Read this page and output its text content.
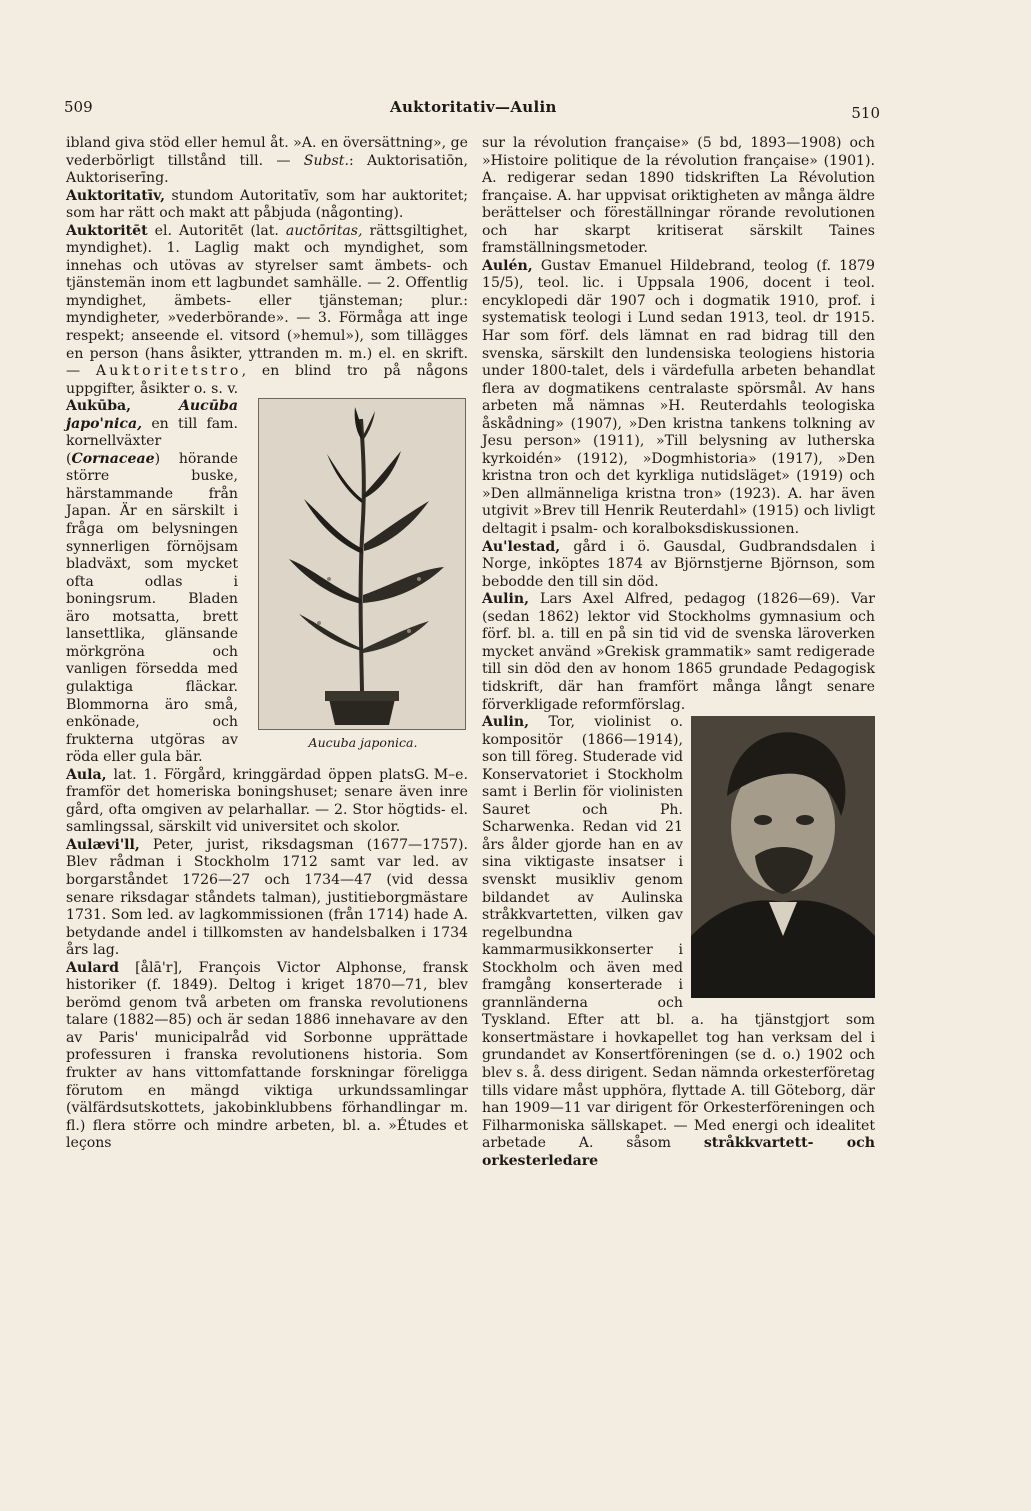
509	Auktoritativ—Aulin	510

ibland giva stöd eller hemul åt. »A. en översättning», ge vederbörligt tillstånd till. — Subst.: Auktorisatiōn, Auktoriserīng.

Auktoritatīv, stundom Autoritatīv, som har auktoritet; som har rätt och makt att påbjuda (någonting).

Auktoritēt el. Autoritēt (lat. auctōritas, rättsgiltighet, myndighet). 1. Laglig makt och myndighet, som innehas och utövas av styrelser samt ämbets- och tjänstemän inom ett lagbundet samhälle. — 2. Offentlig myndighet, ämbets- eller tjänsteman; plur.: myndigheter, »vederbörande». — 3. Förmåga att inge respekt; anseende el. vitsord (»hemul»), som tillägges en person (hans åsikter, yttranden m. m.) el. en skrift. — Auktoritetstro, en blind tro på någons uppgifter, åsikter o. s. v.

Aucuba japonica.
Aukūba,	Aucūba japo'nica, en till fam. kornellväxter (Cornaceae) hörande större buske, härstammande från Japan. Är en särskilt i fråga om belysningen synnerligen förnöjsam bladväxt, som mycket ofta odlas i boningsrum. Bladen äro motsatta, brett lansettlika, glänsande mörkgröna och vanligen försedda med gulaktiga fläckar. Blommorna äro små, enkönade, och frukterna utgöras av röda eller gula bär.
G. M–e.

Aula, lat. 1. Förgård, kringgärdad öppen plats framför det homeriska boningshuset; senare även inre gård, ofta omgiven av pelarhallar. — 2. Stor högtids- el. samlingssal, särskilt vid universitet och skolor.

Aulævi'll, Peter, jurist, riksdagsman (1677—1757). Blev rådman i Stockholm 1712 samt var led. av borgarståndet 1726—27 och 1734—47 (vid dessa senare riksdagar ståndets talman), justitieborgmästare 1731. Som led. av lagkommissionen (från 1714) hade A. betydande andel i tillkomsten av handelsbalken i 1734 års lag.

Aulard [ålā'r], François Victor Alphonse, fransk historiker (f. 1849). Deltog i kriget 1870—71, blev berömd genom två arbeten om franska revolutionens talare (1882—85) och är sedan 1886 innehavare av den av Paris' municipalråd vid Sorbonne upprättade professuren i franska revolutionens historia. Som frukter av hans vittomfattande forskningar föreligga förutom en mängd viktiga urkundssamlingar (välfärdsutskottets, jakobinklubbens förhandlingar m. fl.) flera större och mindre arbeten, bl. a. »Études et leçons

sur la révolution française» (5 bd, 1893—1908) och »Histoire politique de la révolution française» (1901). A. redigerar sedan 1890 tidskriften La Révolution française. A. har uppvisat oriktigheten av många äldre berättelser och föreställningar rörande revolutionen och har skarpt kritiserat särskilt Taines framställningsmetoder.

Aulén, Gustav Emanuel Hildebrand, teolog (f. 1879 15/5), teol. lic. i Uppsala 1906, docent i teol. encyklopedi där 1907 och i dogmatik 1910, prof. i systematisk teologi i Lund sedan 1913, teol. dr 1915. Har som förf. dels lämnat en rad bidrag till den svenska, särskilt den lundensiska teologiens historia under 1800-talet, dels i värdefulla arbeten behandlat flera av dogmatikens centralaste spörsmål. Av hans arbeten må nämnas »H. Reuterdahls teologiska åskådning» (1907), »Den kristna tankens tolkning av Jesu person» (1911), »Till belysning av lutherska kyrkoidén» (1912), »Dogmhistoria» (1917), »Den kristna tron och det kyrkliga nutidsläget» (1919) och »Den allmänneliga kristna tron» (1923). A. har även utgivit »Brev till Henrik Reuterdahl» (1915) och livligt deltagit i psalm- och koralboksdiskussionen.

Au'lestad, gård i ö. Gausdal, Gudbrandsdalen i Norge, inköptes 1874 av Björnstjerne Björnson, som bebodde den till sin död.

Aulin, Lars Axel Alfred, pedagog (1826—69). Var (sedan 1862) lektor vid Stockholms gymnasium och förf. bl. a. till en på sin tid vid de svenska läroverken mycket använd »Grekisk grammatik» samt redigerade till sin död den av honom 1865 grundade Pedagogisk tidskrift, där han framfört många långt senare förverkligade reformförslag.

Aulin, Tor, violinist o. kompositör (1866—1914), son till föreg. Studerade vid Konservatoriet i Stockholm samt i Berlin för violinisten Sauret och Ph. Scharwenka. Redan vid 21 års ålder gjorde han en av sina viktigaste insatser i svenskt musikliv genom bildandet av Aulinska stråkkvartetten, vilken gav regelbundna kammarmusikkonserter i Stockholm och även med framgång konserterade i grannländerna och Tyskland. Efter att bl. a. ha tjänstgjort som konsertmästare i hovkapellet tog han verksam del i grundandet av Konsertföreningen (se d. o.) 1902 och blev s. å. dess dirigent. Sedan nämnda orkesterföretag tills vidare måst upphöra, flyttade A. till Göteborg, där han 1909—11 var dirigent för Orkesterföreningen och Filharmoniska sällskapet. — Med energi och idealitet arbetade A. såsom stråkkvartett- och orkesterledare
